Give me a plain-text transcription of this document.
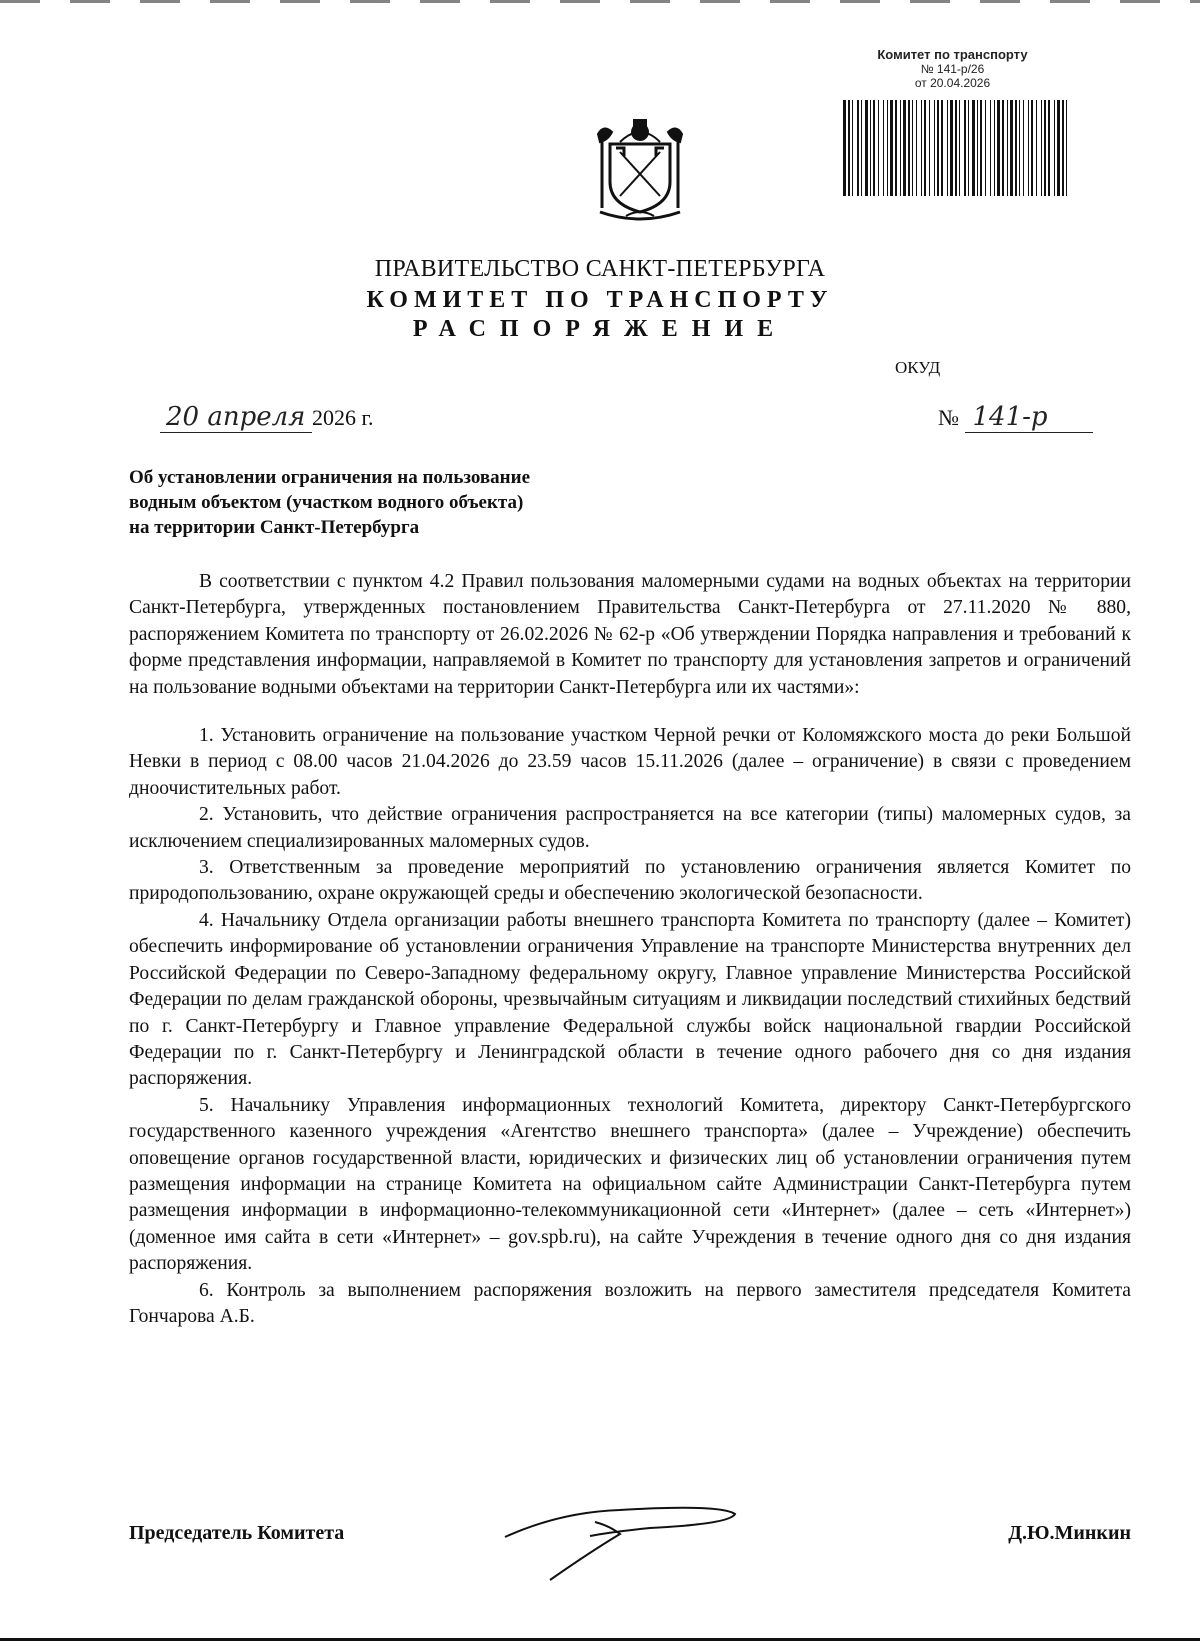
Комитет по транспорту
№ 141-р/26
от 20.04.2026
ПРАВИТЕЛЬСТВО САНКТ-ПЕТЕРБУРГА
КОМИТЕТ ПО ТРАНСПОРТУ
РАСПОРЯЖЕНИЕ
ОКУД
20 апреля 2026 г.	№ 141-р
Об установлении ограничения на пользование
водным объектом (участком водного объекта)
на территории Санкт-Петербурга

В соответствии с пунктом 4.2 Правил пользования маломерными судами на водных объектах на территории Санкт-Петербурга, утвержденных постановлением Правительства Санкт-Петербурга от 27.11.2020 № 880, распоряжением Комитета по транспорту от 26.02.2026 № 62-р «Об утверждении Порядка направления и требований к форме представления информации, направляемой в Комитет по транспорту для установления запретов и ограничений на пользование водными объектами на территории Санкт-Петербурга или их частями»:

1. Установить ограничение на пользование участком Черной речки от Коломяжского моста до реки Большой Невки в период с 08.00 часов 21.04.2026 до 23.59 часов 15.11.2026 (далее – ограничение) в связи с проведением дноочистительных работ.

2. Установить, что действие ограничения распространяется на все категории (типы) маломерных судов, за исключением специализированных маломерных судов.

3. Ответственным за проведение мероприятий по установлению ограничения является Комитет по природопользованию, охране окружающей среды и обеспечению экологической безопасности.

4. Начальнику Отдела организации работы внешнего транспорта Комитета по транспорту (далее – Комитет) обеспечить информирование об установлении ограничения Управление на транспорте Министерства внутренних дел Российской Федерации по Северо-Западному федеральному округу, Главное управление Министерства Российской Федерации по делам гражданской обороны, чрезвычайным ситуациям и ликвидации последствий стихийных бедствий по г. Санкт-Петербургу и Главное управление Федеральной службы войск национальной гвардии Российской Федерации по г. Санкт-Петербургу и Ленинградской области в течение одного рабочего дня со дня издания распоряжения.

5. Начальнику Управления информационных технологий Комитета, директору Санкт-Петербургского государственного казенного учреждения «Агентство внешнего транспорта» (далее – Учреждение) обеспечить оповещение органов государственной власти, юридических и физических лиц об установлении ограничения путем размещения информации на странице Комитета на официальном сайте Администрации Санкт-Петербурга путем размещения информации в информационно-телекоммуникационной сети «Интернет» (далее – сеть «Интернет») (доменное имя сайта в сети «Интернет» – gov.spb.ru), на сайте Учреждения в течение одного дня со дня издания распоряжения.

6. Контроль за выполнением распоряжения возложить на первого заместителя председателя Комитета Гончарова А.Б.

Председатель Комитета	Д.Ю.Минкин
